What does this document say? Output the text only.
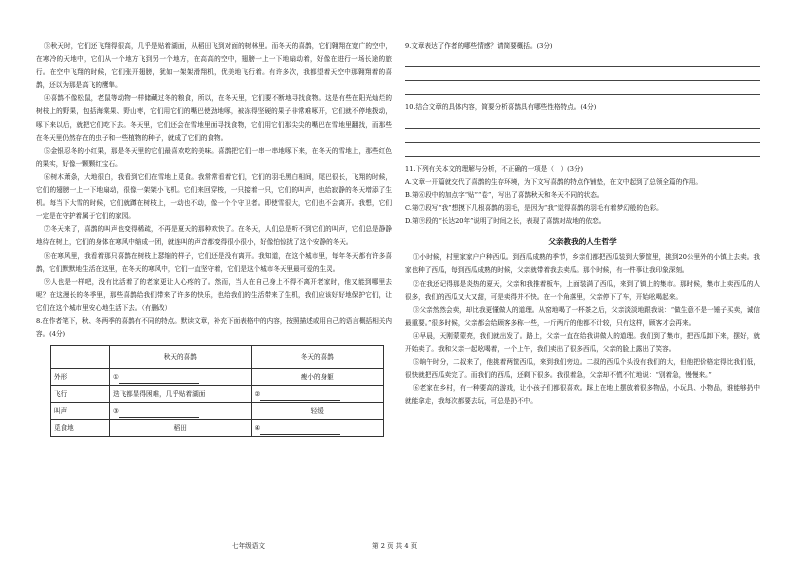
③秋天时，它们还飞翔得很高，几乎是贴着湖面，从稻田飞到对面的树林里。而冬天的喜鹊，它们翱翔在宽广的空中，在寒冷的天地中，它们从一个地方飞到另一个地方，在高高的空中，翅膀一上一下地扇动着，好像在进行一场长途的旅行。在空中飞翔的时候，它们张开翅膀，犹如一架架滑翔机，优美地飞行着。有许多次，我都望着天空中那翱翔着的喜鹊，还以为那是高飞的鹰隼。

④喜鹊不像松鼠，老鼠等动物一样储藏过冬的粮食，所以，在冬天里，它们要不断地寻找食物。这是有些在阳光灿烂的树枝上的野果，包括海棠果、野山枣，它们用它们的嘴巴使劲地啄，被冻得坚硬的果子非常难啄开，它们就不停地拨动，啄下来以后，就把它们吃下去。冬天里，它们还会在雪地里面寻找食物，它们用它们那尖尖的嘴巴在雪地里翻找，而那些在冬天里仍然存在的虫子和一些植物的种子，就成了它们的食物。

⑤金银忍冬的小红果，那是冬天里的它们最喜欢吃的美味。喜鹊把它们一串一串地啄下来，在冬天的雪地上，那些红色的果实，好像一颗颗红宝石。

⑥树木萧条，大地很白，我看到它们在雪地上觅食。我常常看着它们，它们的羽毛黑白相间，尾巴很长，飞翔的时候，它们的翅膀一上一下地扇动，很像一架架小飞机。它们来回穿梭，一只接着一只，它们的叫声，也给寂静的冬天增添了生机。每当下大雪的时候，它们就蹲在树枝上，一动也不动，像一个个守卫者。即使雪很大，它们也不会离开。我想，它们一定是在守护着属于它们的家园。

⑦冬天来了，喜鹊的叫声也变得稀疏，不再是夏天的那种欢快了。在冬天，人们总是听不到它们的叫声，它们总是静静地待在树上，它们的身体在寒风中缩成一团，就连叫的声音都变得很小很小，好像怕惊扰了这个安静的冬天。

⑧在寒风里，我看着那只喜鹊在树枝上瑟缩的样子，它们还是没有离开。我知道，在这个城市里，每年冬天都有许多喜鹊，它们默默地生活在这里，在冬天的寒风中，它们一直坚守着，它们是这个城市冬天里最可爱的生灵。

⑨人也是一样吧，没有比活着了的老家更让人心疼的了。然而，当人在自己身上不得不离开老家时，他又能到哪里去呢？在这漫长的冬季里，那些喜鹊给我们带来了许多的快乐，也给我们的生活带来了生机，我们应该好好地保护它们，让它们在这个城市里安心地生活下去。（有删改）

8.在作者笔下，秋、冬两季的喜鹊有不同的特点。默读文章，补充下面表格中的内容，按照描述或用自己的语言概括相关内容。(4分)

	秋天的喜鹊	冬天的喜鹊
外形	①	瘦小的身躯
飞行	迭飞都显得困难，几乎贴着湖面	②
叫声	③	轻缓
觅食地	稻田	④

9.文章表达了作者的哪些情感？请简要概括。(3分)

10.结合文章的具体内容，简要分析喜鹊具有哪些性格特点。(4分)

11.下列有关本文的理解与分析，不正确的一项是（　）(3分)

A.文章一开篇就交代了喜鹊的生存环境，为下文写喜鹊的特点作铺垫，在文中起到了总领全篇的作用。

B.第⑥段中的加点字“贴”“卷”，写出了喜鹊秋天和冬天不同的状态。

C.第⑦段写“我”想摸下几根喜鹊的羽毛，是因为“我”觉得喜鹊的羽毛有着梦幻般的色彩。

D.第⑨段的“长达20年”说明了时间之长，表现了喜鹊对故地的依恋。

父亲教我的人生哲学

①小时候，村里家家户户种西瓜。到西瓜成熟的季节，乡亲们都把西瓜装到大箩筐里，挑到20公里外的小镇上去卖。我家也种了西瓜，每到西瓜成熟的时候，父亲就带着我去卖瓜。那个时候，有一件事让我印象深刻。

②在我还记得那是炎热的夏天，父亲和我推着板车，上面装满了西瓜，来到了镇上的集市。那时候，集市上卖西瓜的人很多，我们的西瓜又大又甜，可是卖得并不快。在一个角落里，父亲停下了车，开始吆喝起来。

③父亲然然会卖，却比我更懂做人的道理。从窑地喝了一杯茶之后，父亲淡淡地跟我说：“做生意不是一锤子买卖，诚信最重要。”很多时候，父亲都会给顾客多称一些，一斤两斤的他都不计较，只有这样，顾客才会再来。

④早晨，天刚蒙蒙亮，我们就出发了。路上，父亲一直在给我讲做人的道理。我们到了集市，把西瓜卸下来，摆好，就开始卖了。我和父亲一起吆喝着，一个上午，我们卖出了很多西瓜，父亲的脸上露出了笑容。

⑤晌午时分，二叔来了，他挑着两筐西瓜，来到我们旁边。二叔的西瓜个头没有我们的大，但他把价格定得比我们低，很快就把西瓜卖完了。而我们的西瓜，还剩下很多。我很着急，父亲却不慌不忙地说：“别着急，慢慢来。”

⑥老家在乡村，有一种要高的游戏，让小孩子们都很喜欢。踩上在地上摆放着很多物品，小玩具、小物品，谁能够扔中就能拿走，我每次都要去玩，可总是扔不中。

七年级语文	第 2 页 共 4 页
